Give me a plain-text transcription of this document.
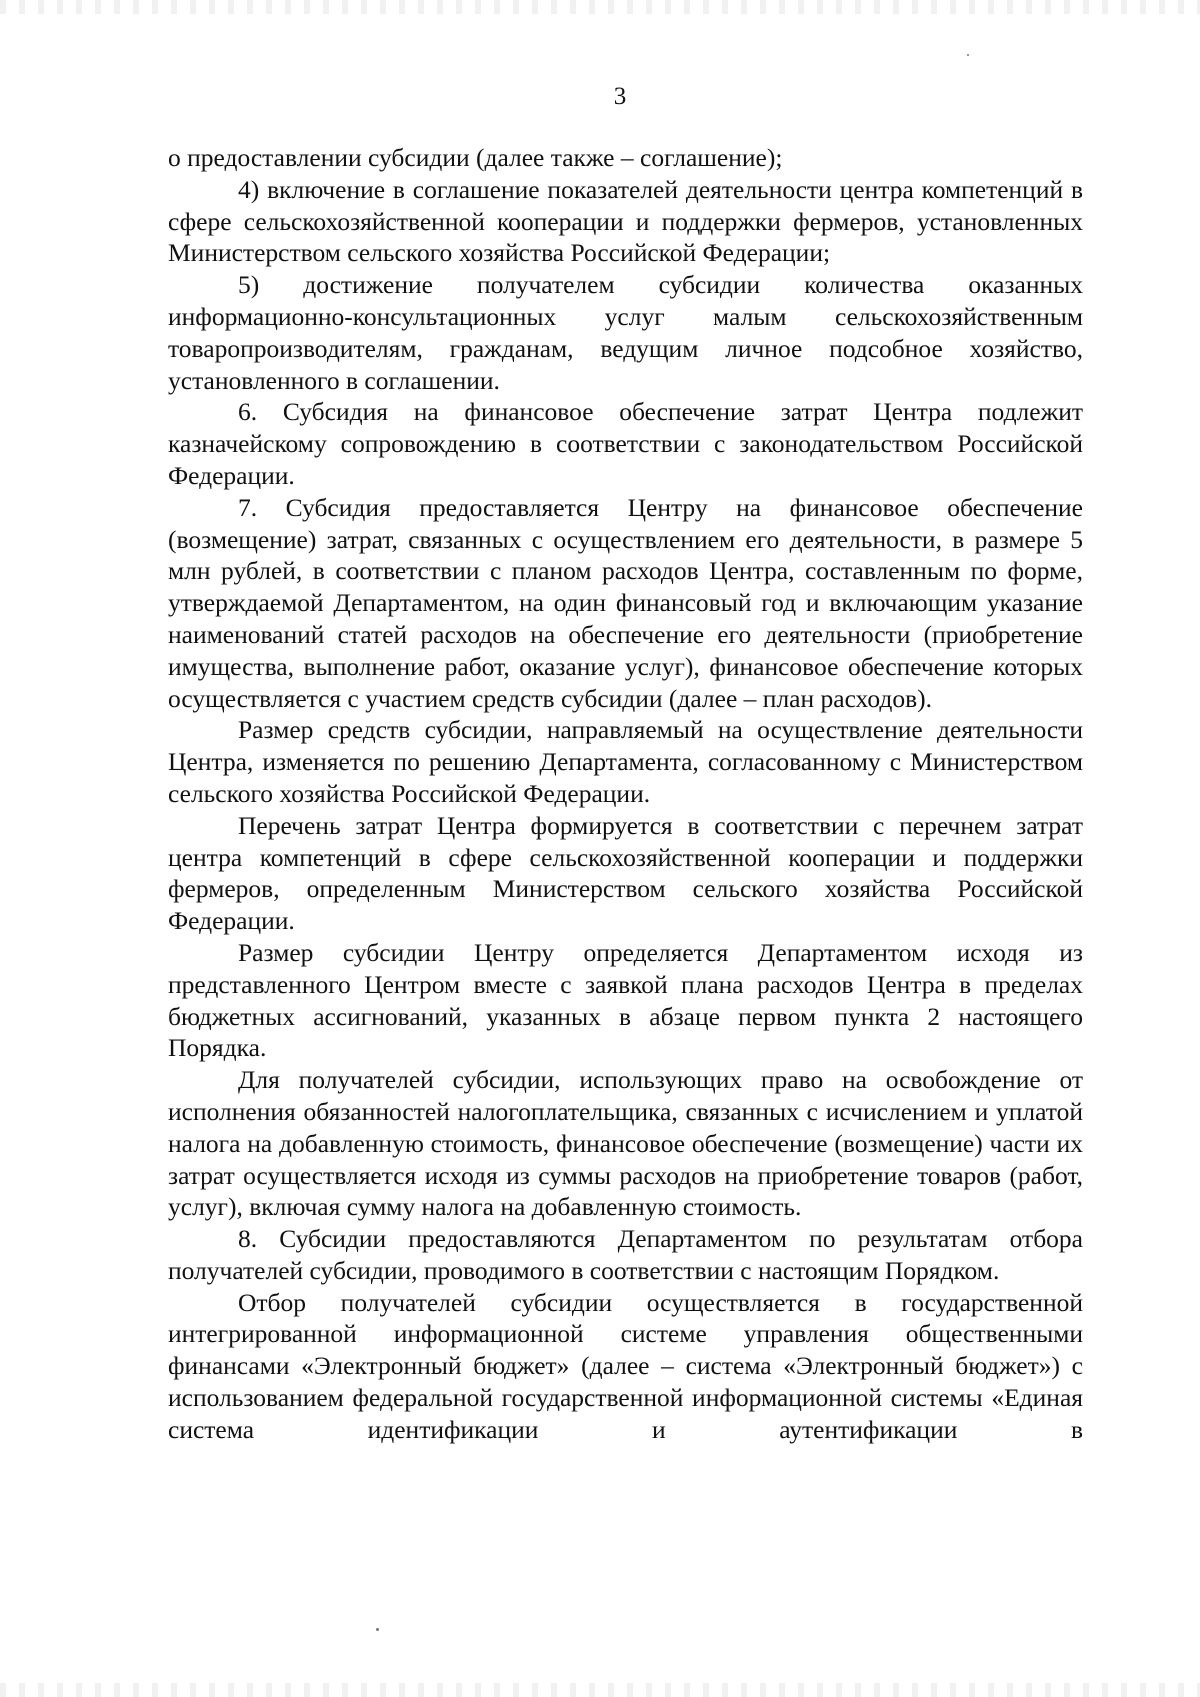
3

о предоставлении субсидии (далее также – соглашение);

4) включение в соглашение показателей деятельности центра компетенций в сфере сельскохозяйственной кооперации и поддержки фермеров, установленных Министерством сельского хозяйства Российской Федерации;

5) достижение получателем субсидии количества оказанных информационно-консультационных услуг малым сельскохозяйственным товаропроизводителям, гражданам, ведущим личное подсобное хозяйство, установленного в соглашении.

6. Субсидия на финансовое обеспечение затрат Центра подлежит казначейскому сопровождению в соответствии с законодательством Российской Федерации.

7. Субсидия предоставляется Центру на финансовое обеспечение (возмещение) затрат, связанных с осуществлением его деятельности, в размере 5 млн рублей, в соответствии с планом расходов Центра, составленным по форме, утверждаемой Департаментом, на один финансовый год и включающим указание наименований статей расходов на обеспечение его деятельности (приобретение имущества, выполнение работ, оказание услуг), финансовое обеспечение которых осуществляется с участием средств субсидии (далее – план расходов).

Размер средств субсидии, направляемый на осуществление деятельности Центра, изменяется по решению Департамента, согласованному с Министерством сельского хозяйства Российской Федерации.

Перечень затрат Центра формируется в соответствии с перечнем затрат центра компетенций в сфере сельскохозяйственной кооперации и поддержки фермеров, определенным Министерством сельского хозяйства Российской Федерации.

Размер субсидии Центру определяется Департаментом исходя из представленного Центром вместе с заявкой плана расходов Центра в пределах бюджетных ассигнований, указанных в абзаце первом пункта 2 настоящего Порядка.

Для получателей субсидии, использующих право на освобождение от исполнения обязанностей налогоплательщика, связанных с исчислением и уплатой налога на добавленную стоимость, финансовое обеспечение (возмещение) части их затрат осуществляется исходя из суммы расходов на приобретение товаров (работ, услуг), включая сумму налога на добавленную стоимость.

8. Субсидии предоставляются Департаментом по результатам отбора получателей субсидии, проводимого в соответствии с настоящим Порядком.

Отбор получателей субсидии осуществляется в государственной интегрированной информационной системе управления общественными финансами «Электронный бюджет» (далее – система «Электронный бюджет») с использованием федеральной государственной информационной системы «Единая система идентификации и аутентификации в
